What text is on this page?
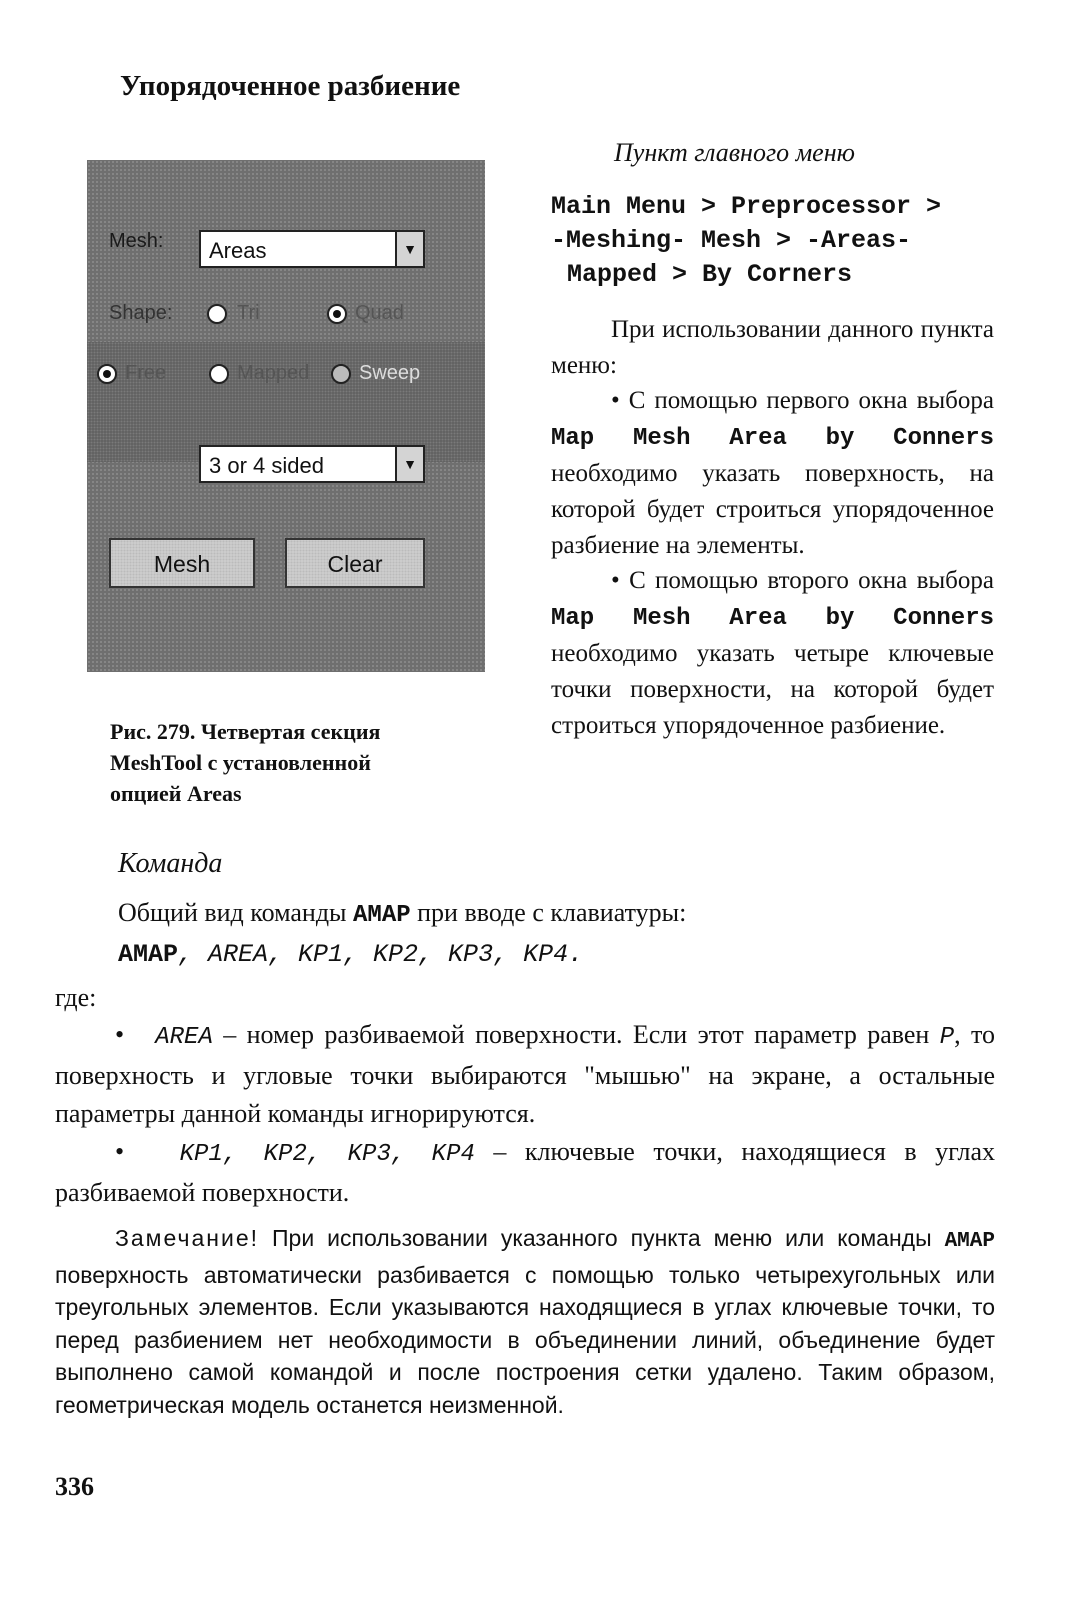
Упорядоченное разбиение
Mesh: Areas	▼
Shape:	Tri	Quad
Free	Mapped Sweep
3 or 4 sided	▼
Mesh	Clear
Рис. 279. Четвертая секция
MeshTool с установленной
опцией Areas
Пункт главного меню
Main Menu > Preprocessor >
-Meshing- Mesh > -Areas-
Mapped > By Corners

При использовании данного пункта меню:

• С помощью первого окна выбора Map Mesh Area by Conners необходимо указать поверхность, на которой будет строиться упорядоченное разбиение на элементы.

• С помощью второго окна выбора Map Mesh Area by Conners необходимо указать четыре ключевые точки поверхности, на которой будет строиться упорядоченное разбиение.

Команда
Общий вид команды AMAP при вводе с клавиатуры:
AMAP, AREA, KP1, KP2, KP3, KP4.
где:

•   AREA – номер разбиваемой поверхности. Если этот параметр равен P, то поверхность и угловые точки выбираются "мышью" на экране, а остальные параметры данной команды игнорируются.

•   KP1, KP2, KP3, KP4 – ключевые точки, находящиеся в углах разбиваемой поверхности.

Замечание! При использовании указанного пункта меню или команды AMAP поверхность автоматически разбивается с помощью только четырехугольных или треугольных элементов. Если указываются находящиеся в углах ключевые точки, то перед разбиением нет необходимости в объединении линий, объединение будет выполнено самой командой и после построения сетки удалено. Таким образом, геометрическая модель останется неизменной.

336
